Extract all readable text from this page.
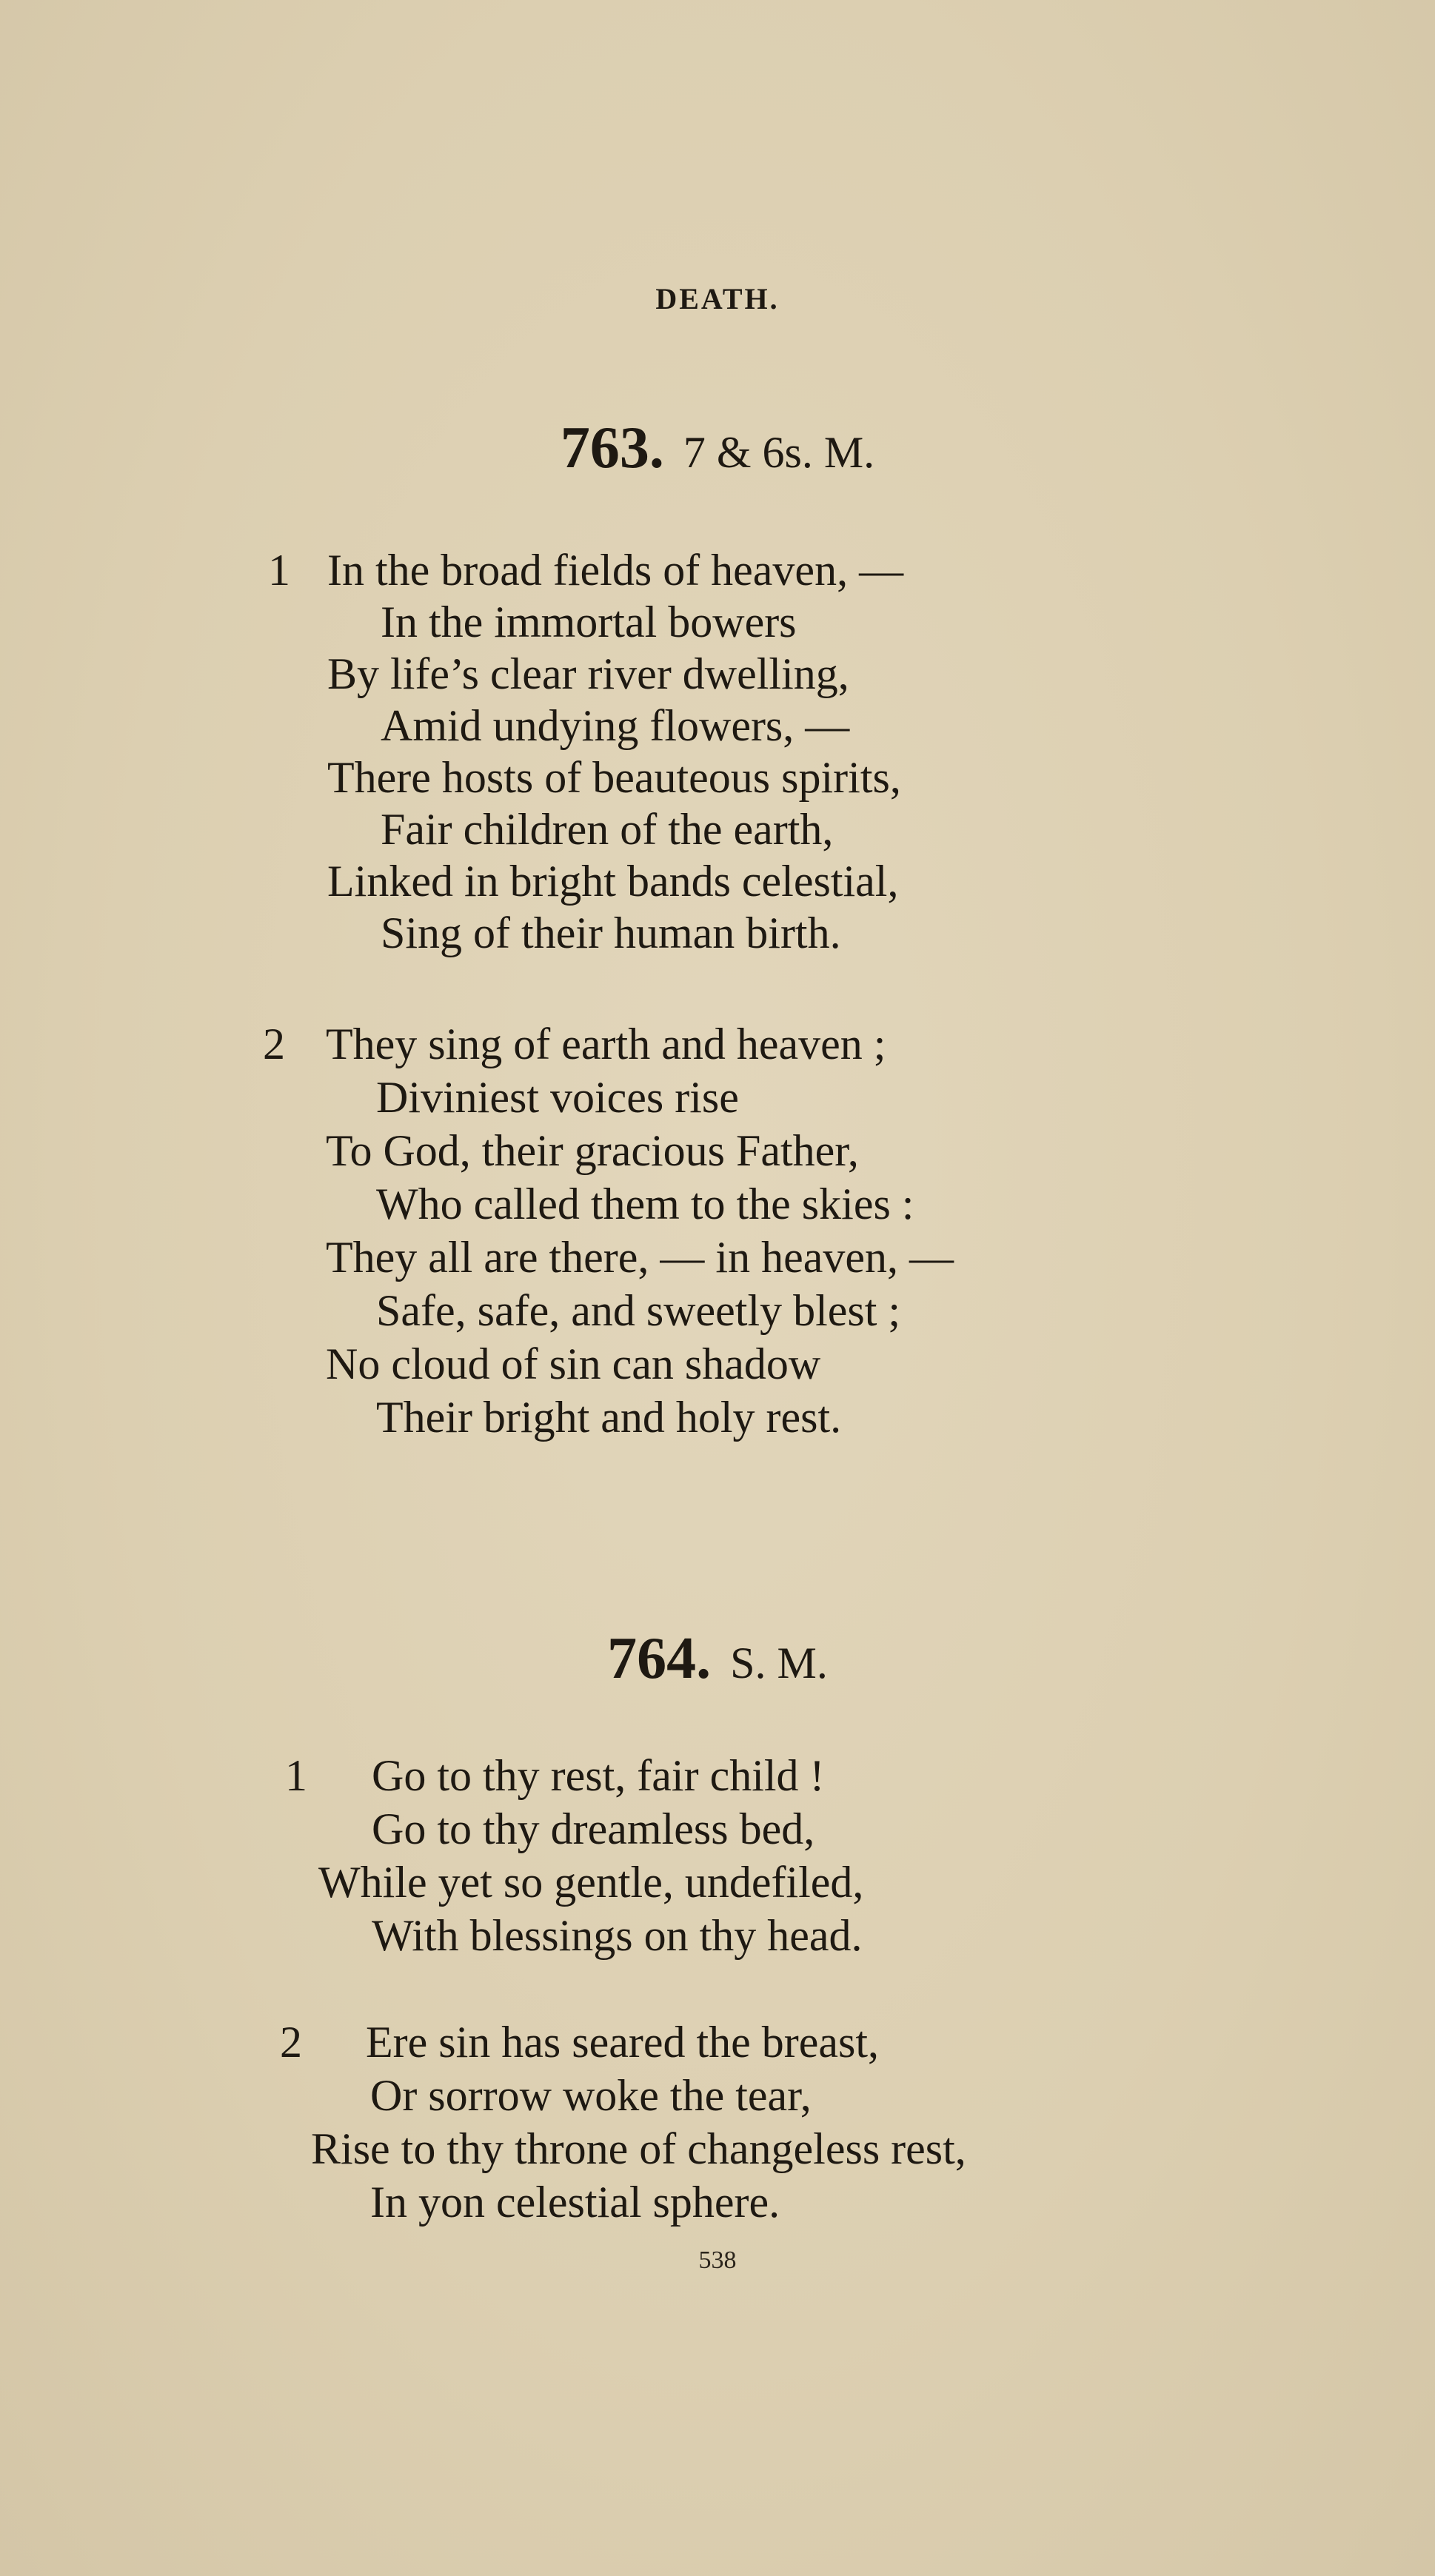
DEATH.
763. 7 & 6s. M.
1 In the broad fields of heaven, —
In the immortal bowers
By life’s clear river dwelling,
Amid undying flowers, —
There hosts of beauteous spirits,
Fair children of the earth,
Linked in bright bands celestial,
Sing of their human birth.
2 They sing of earth and heaven ;
Diviniest voices rise
To God, their gracious Father,
Who called them to the skies :
They all are there, — in heaven, —
Safe, safe, and sweetly blest ;
No cloud of sin can shadow
Their bright and holy rest.
764. S. M.
1 Go to thy rest, fair child !
Go to thy dreamless bed,
While yet so gentle, undefiled,
With blessings on thy head.
2 Ere sin has seared the breast,
Or sorrow woke the tear,
Rise to thy throne of changeless rest,
In yon celestial sphere.
538
